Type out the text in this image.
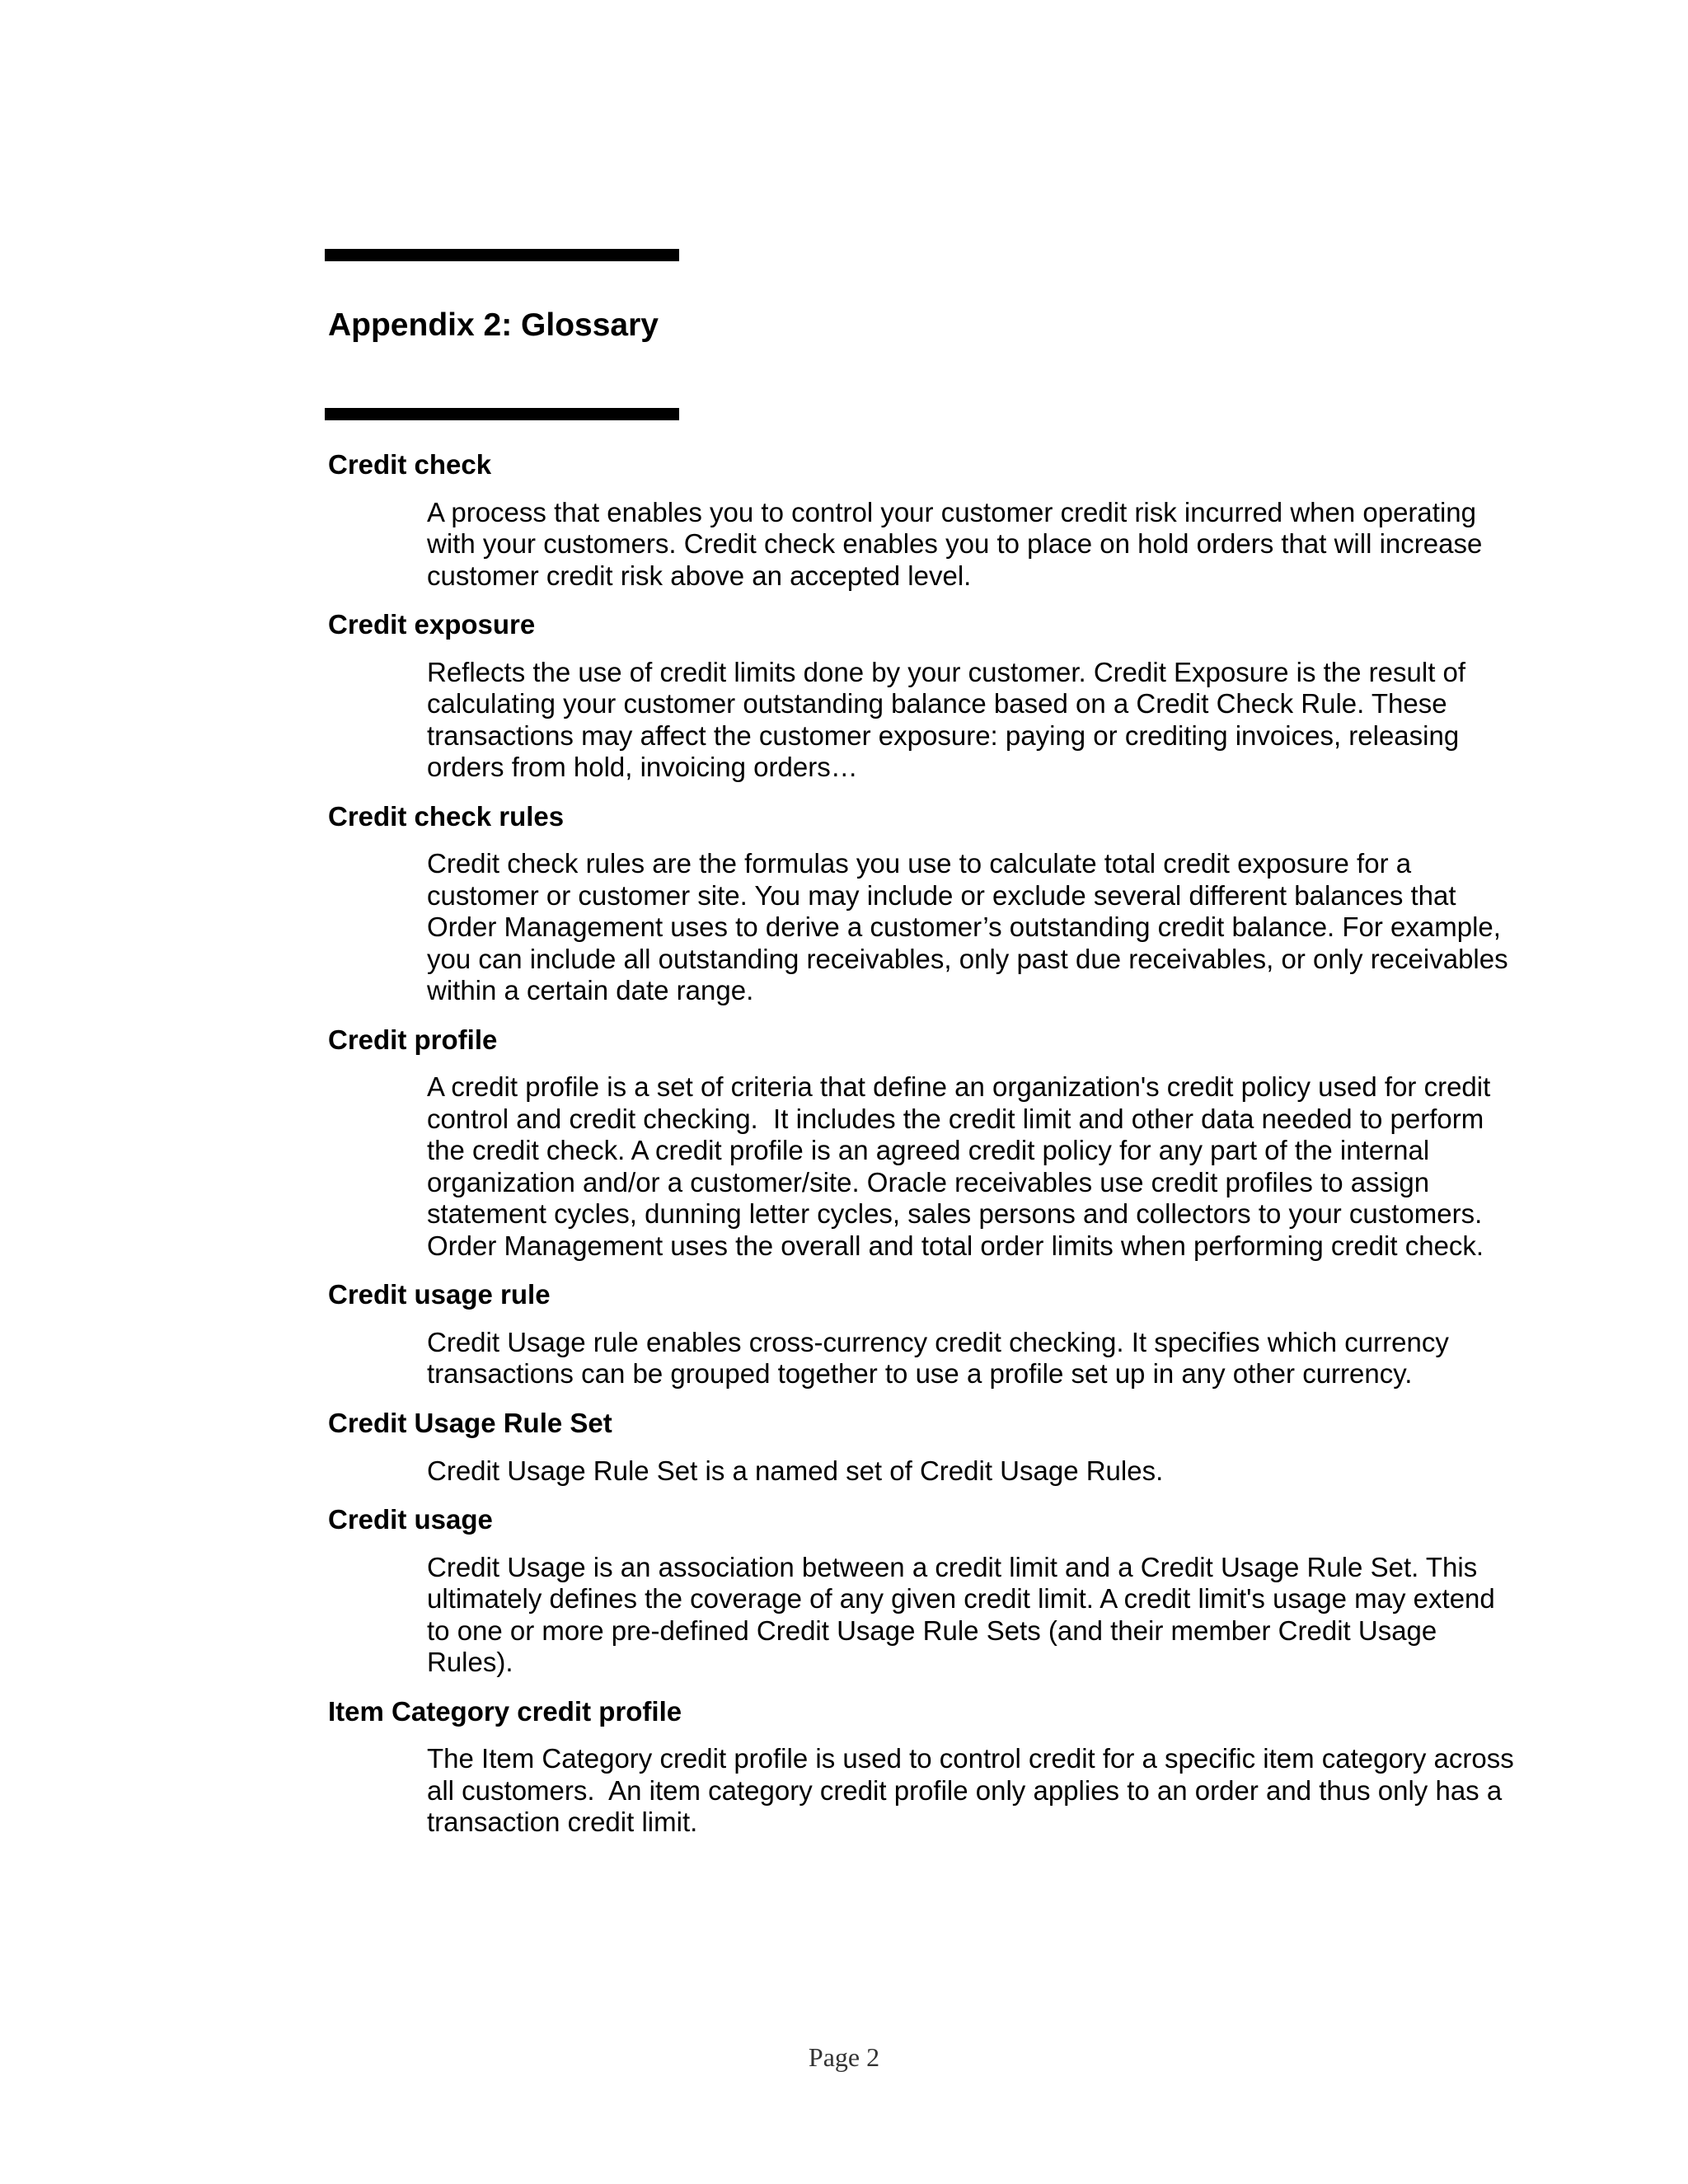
Appendix 2: Glossary
Credit check
A process that enables you to control your customer credit risk incurred when operating
with your customers. Credit check enables you to place on hold orders that will increase
customer credit risk above an accepted level.
Credit exposure
Reflects the use of credit limits done by your customer. Credit Exposure is the result of
calculating your customer outstanding balance based on a Credit Check Rule. These
transactions may affect the customer exposure: paying or crediting invoices, releasing
orders from hold, invoicing orders…
Credit check rules
Credit check rules are the formulas you use to calculate total credit exposure for a
customer or customer site. You may include or exclude several different balances that
Order Management uses to derive a customer’s outstanding credit balance. For example,
you can include all outstanding receivables, only past due receivables, or only receivables
within a certain date range.
Credit profile
A credit profile is a set of criteria that define an organization's credit policy used for credit
control and credit checking.  It includes the credit limit and other data needed to perform
the credit check. A credit profile is an agreed credit policy for any part of the internal
organization and/or a customer/site. Oracle receivables use credit profiles to assign
statement cycles, dunning letter cycles, sales persons and collectors to your customers.
Order Management uses the overall and total order limits when performing credit check.
Credit usage rule
Credit Usage rule enables cross-currency credit checking. It specifies which currency
transactions can be grouped together to use a profile set up in any other currency.
Credit Usage Rule Set
Credit Usage Rule Set is a named set of Credit Usage Rules.
Credit usage
Credit Usage is an association between a credit limit and a Credit Usage Rule Set. This
ultimately defines the coverage of any given credit limit. A credit limit's usage may extend
to one or more pre-defined Credit Usage Rule Sets (and their member Credit Usage
Rules).
Item Category credit profile
The Item Category credit profile is used to control credit for a specific item category across
all customers.  An item category credit profile only applies to an order and thus only has a
transaction credit limit.
Page 2
